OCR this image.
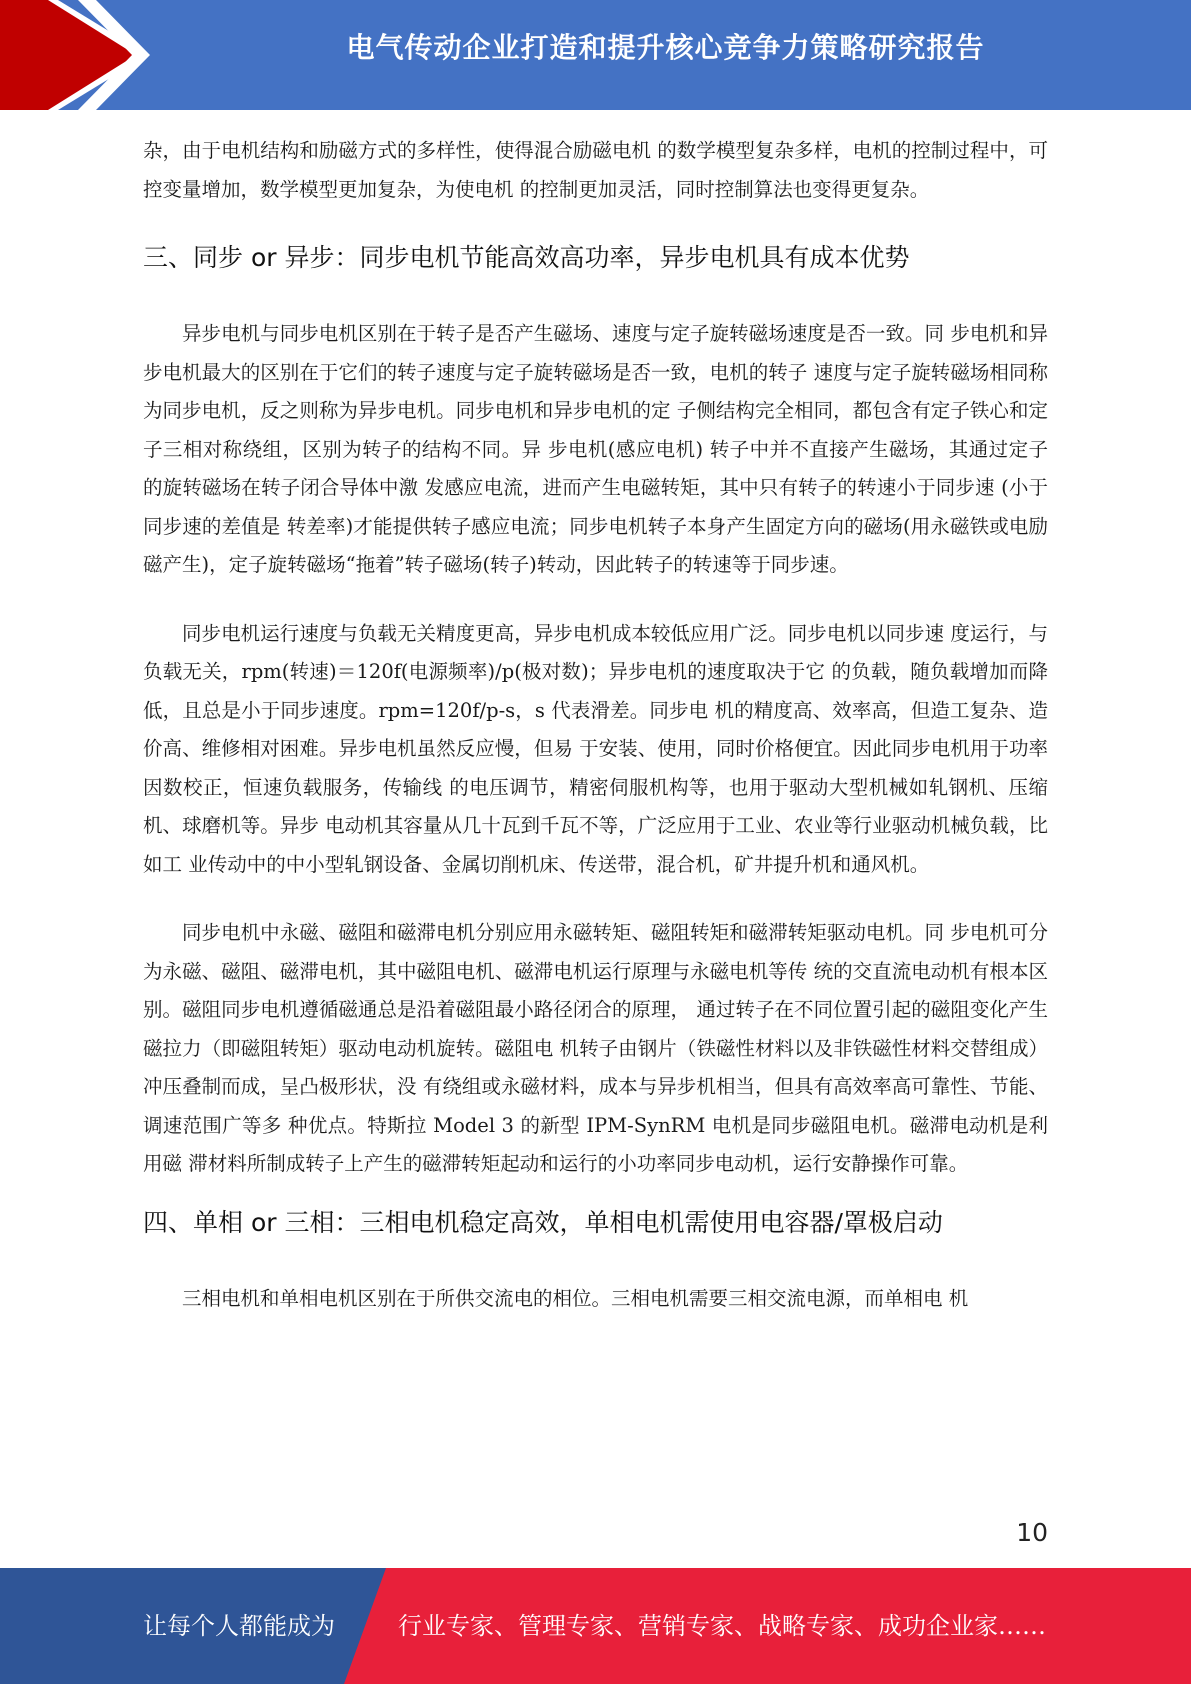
电气传动企业打造和提升核心竞争力策略研究报告

杂，由于电机结构和励磁方式的多样性，使得混合励磁电机 的数学模型复杂多样，电机的控制过程中，可控变量增加，数学模型更加复杂，为使电机 的控制更加灵活，同时控制算法也变得更复杂。

三、同步 or 异步：同步电机节能高效高功率，异步电机具有成本优势

异步电机与同步电机区别在于转子是否产生磁场、速度与定子旋转磁场速度是否一致。同 步电机和异步电机最大的区别在于它们的转子速度与定子旋转磁场是否一致，电机的转子 速度与定子旋转磁场相同称为同步电机，反之则称为异步电机。同步电机和异步电机的定 子侧结构完全相同，都包含有定子铁心和定子三相对称绕组，区别为转子的结构不同。异 步电机(感应电机) 转子中并不直接产生磁场，其通过定子的旋转磁场在转子闭合导体中激 发感应电流，进而产生电磁转矩，其中只有转子的转速小于同步速 (小于同步速的差值是 转差率)才能提供转子感应电流；同步电机转子本身产生固定方向的磁场(用永磁铁或电励 磁产生)，定子旋转磁场“拖着”转子磁场(转子)转动，因此转子的转速等于同步速。

同步电机运行速度与负载无关精度更高，异步电机成本较低应用广泛。同步电机以同步速 度运行，与负载无关，rpm(转速)＝120f(电源频率)/p(极对数)；异步电机的速度取决于它 的负载，随负载增加而降低，且总是小于同步速度。rpm=120f/p-s，s 代表滑差。同步电 机的精度高、效率高，但造工复杂、造价高、维修相对困难。异步电机虽然反应慢，但易 于安装、使用，同时价格便宜。因此同步电机用于功率因数校正，恒速负载服务，传输线 的电压调节，精密伺服机构等，也用于驱动大型机械如轧钢机、压缩机、球磨机等。异步 电动机其容量从几十瓦到千瓦不等，广泛应用于工业、农业等行业驱动机械负载，比如工 业传动中的中小型轧钢设备、金属切削机床、传送带，混合机，矿井提升机和通风机。

同步电机中永磁、磁阻和磁滞电机分别应用永磁转矩、磁阻转矩和磁滞转矩驱动电机。同 步电机可分为永磁、磁阻、磁滞电机，其中磁阻电机、磁滞电机运行原理与永磁电机等传 统的交直流电动机有根本区别。磁阻同步电机遵循磁通总是沿着磁阻最小路径闭合的原理， 通过转子在不同位置引起的磁阻变化产生磁拉力（即磁阻转矩）驱动电动机旋转。磁阻电 机转子由钢片（铁磁性材料以及非铁磁性材料交替组成）冲压叠制而成，呈凸极形状，没 有绕组或永磁材料，成本与异步机相当，但具有高效率高可靠性、节能、调速范围广等多 种优点。特斯拉 Model 3 的新型 IPM-SynRM 电机是同步磁阻电机。磁滞电动机是利用磁 滞材料所制成转子上产生的磁滞转矩起动和运行的小功率同步电动机，运行安静操作可靠。

四、单相 or 三相：三相电机稳定高效，单相电机需使用电容器/罩极启动

三相电机和单相电机区别在于所供交流电的相位。三相电机需要三相交流电源，而单相电 机

10
让每个人都能成为	行业专家、管理专家、营销专家、战略专家、成功企业家……
